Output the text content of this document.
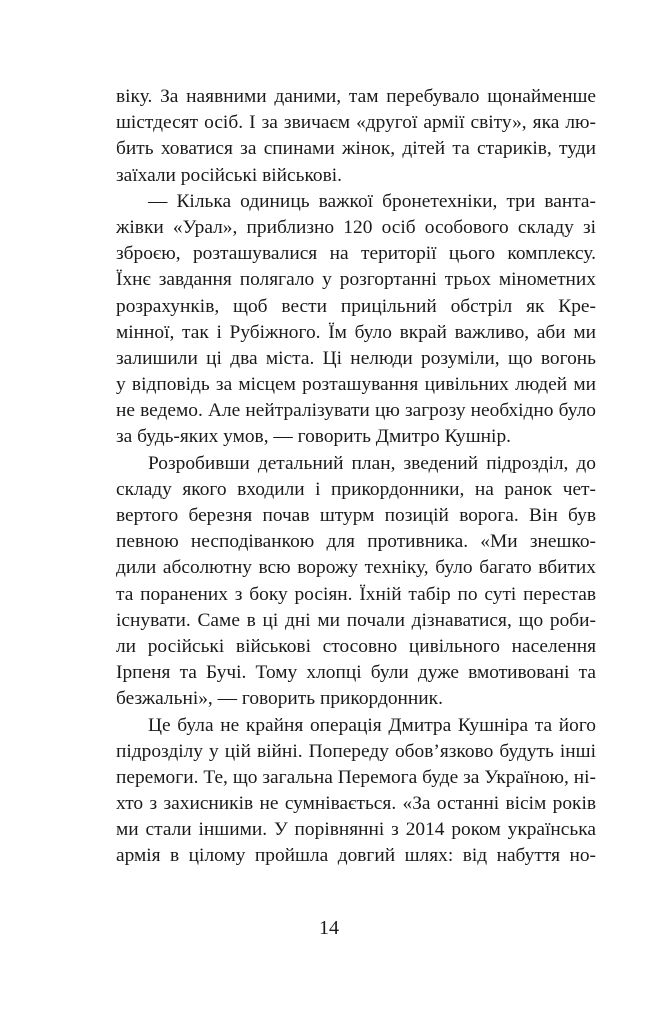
віку. За наявними даними, там перебувало щонайменше
шістдесят осіб. І за звичаєм «другої армії світу», яка лю-
бить ховатися за спинами жінок, дітей та стариків, туди
заїхали російські військові.
— Кілька одиниць важкої бронетехніки, три ванта-
жівки «Урал», приблизно 120 осіб особового складу зі
зброєю, розташувалися на території цього комплексу.
Їхнє завдання полягало у розгортанні трьох мінометних
розрахунків, щоб вести прицільний обстріл як Кре-
мінної, так і Рубіжного. Їм було вкрай важливо, аби ми
залишили ці два міста. Ці нелюди розуміли, що вогонь
у відповідь за місцем розташування цивільних людей ми
не ведемо. Але нейтралізувати цю загрозу необхідно було
за будь-яких умов, — говорить Дмитро Кушнір.
Розробивши детальний план, зведений підрозділ, до
складу якого входили і прикордонники, на ранок чет-
вертого березня почав штурм позицій ворога. Він був
певною несподіванкою для противника. «Ми знешко-
дили абсолютну всю ворожу техніку, було багато вбитих
та поранених з боку росіян. Їхній табір по суті перестав
існувати. Саме в ці дні ми почали дізнаватися, що роби-
ли російські військові стосовно цивільного населення
Ірпеня та Бучі. Тому хлопці були дуже вмотивовані та
безжальні», — говорить прикордонник.
Це була не крайня операція Дмитра Кушніра та його
підрозділу у цій війні. Попереду обов’язково будуть інші
перемоги. Те, що загальна Перемога буде за Україною, ні-
хто з захисників не сумнівається. «За останні вісім років
ми стали іншими. У порівнянні з 2014 роком українська
армія в цілому пройшла довгий шлях: від набуття но-
14
